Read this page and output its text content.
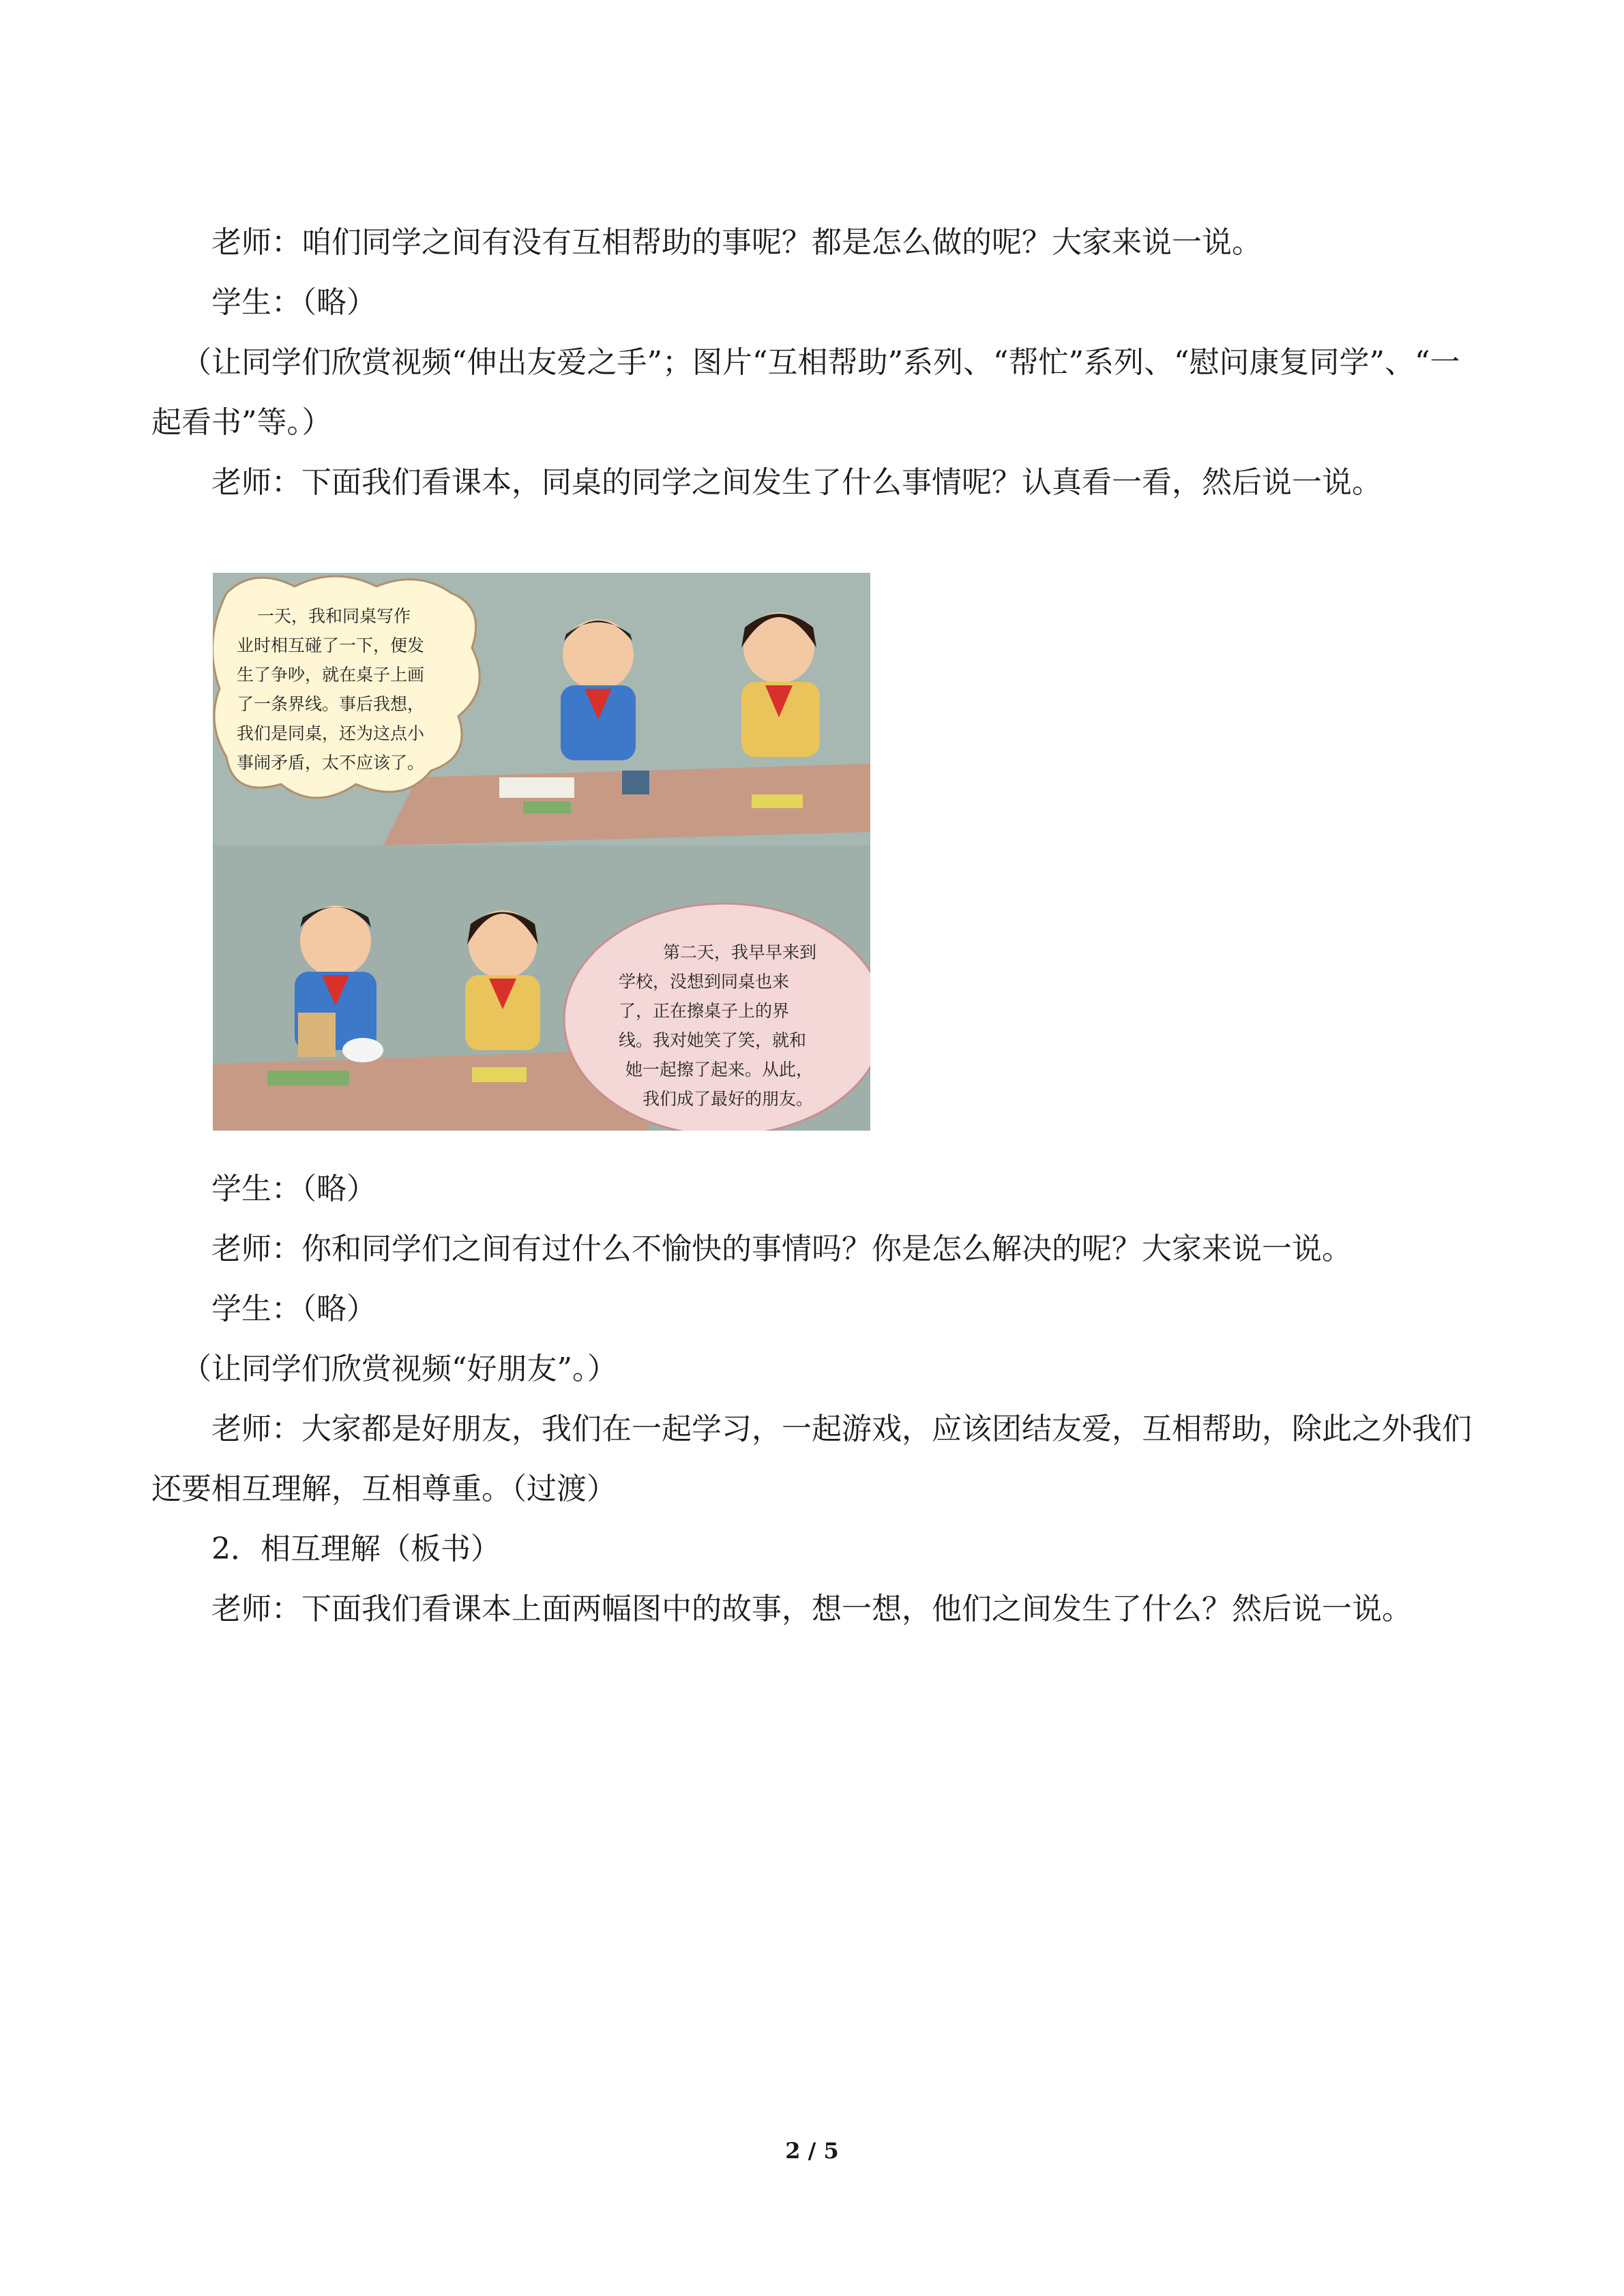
老师：咱们同学之间有没有互相帮助的事呢？都是怎么做的呢？大家来说一说。

学生：（略）

（让同学们欣赏视频“伸出友爱之手”；图片“互相帮助”系列、“帮忙”系列、“慰问康复同学”、“一起看书”等。）

老师：下面我们看课本，同桌的同学之间发生了什么事情呢？认真看一看，然后说一说。

一天，我和同桌写作
业时相互碰了一下，便发
生了争吵，就在桌子上画
了一条界线。事后我想，
我们是同桌，还为这点小
事闹矛盾，太不应该了。
第二天，我早早来到
学校，没想到同桌也来
了，正在擦桌子上的界
线。我对她笑了笑，就和
她一起擦了起来。从此，
我们成了最好的朋友。

学生：（略）

老师：你和同学们之间有过什么不愉快的事情吗？你是怎么解决的呢？大家来说一说。

学生：（略）

（让同学们欣赏视频“好朋友”。）

老师：大家都是好朋友，我们在一起学习，一起游戏，应该团结友爱，互相帮助，除此之外我们还要相互理解，互相尊重。（过渡）

2．相互理解（板书）

老师：下面我们看课本上面两幅图中的故事，想一想，他们之间发生了什么？然后说一说。

2 / 5
